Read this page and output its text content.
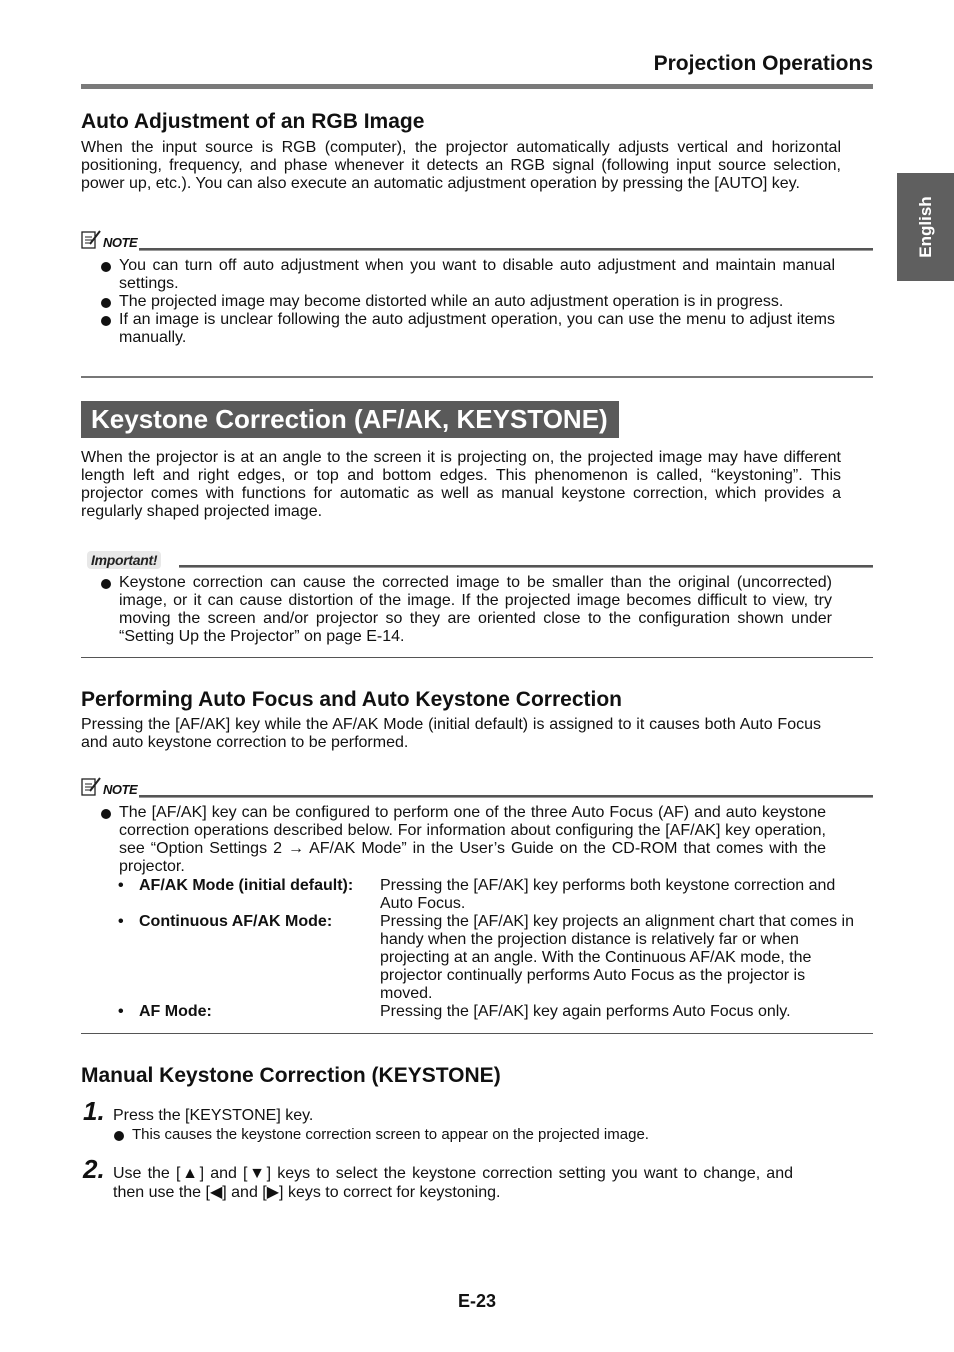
Projection Operations
English
Auto Adjustment of an RGB Image
When the input source is RGB (computer), the projector automatically adjusts vertical and horizontal positioning, frequency, and phase whenever it detects an RGB signal (following input source selection, power up, etc.). You can also execute an automatic adjustment operation by pressing the [AUTO] key.
NOTE
You can turn off auto adjustment when you want to disable auto adjustment and maintain manual settings.
The projected image may become distorted while an auto adjustment operation is in progress.
If an image is unclear following the auto adjustment operation, you can use the menu to adjust items manually.
Keystone Correction (AF/AK, KEYSTONE)
When the projector is at an angle to the screen it is projecting on, the projected image may have different length left and right edges, or top and bottom edges. This phenomenon is called, “keystoning”. This projector comes with functions for automatic as well as manual keystone correction, which provides a regularly shaped projected image.
Important!
Keystone correction can cause the corrected image to be smaller than the original (uncorrected) image, or it can cause distortion of the image. If the projected image becomes difficult to view, try moving the screen and/or projector so they are oriented close to the configuration shown under “Setting Up the Projector” on page E-14.
Performing Auto Focus and Auto Keystone Correction
Pressing the [AF/AK] key while the AF/AK Mode (initial default) is assigned to it causes both Auto Focus and auto keystone correction to be performed.
NOTE
The [AF/AK] key can be configured to perform one of the three Auto Focus (AF) and auto keystone correction operations described below. For information about configuring the [AF/AK] key operation, see “Option Settings 2 → AF/AK Mode” in the User’s Guide on the CD-ROM that comes with the projector.
• AF/AK Mode (initial default): Pressing the [AF/AK] key performs both keystone correction and Auto Focus.
• Continuous AF/AK Mode:	Pressing the [AF/AK] key projects an alignment chart that comes in handy when the projection distance is relatively far or when projecting at an angle. With the Continuous AF/AK mode, the projector continually performs Auto Focus as the projector is moved.
• AF Mode:	Pressing the [AF/AK] key again performs Auto Focus only.
Manual Keystone Correction (KEYSTONE)
1. Press the [KEYSTONE] key.
This causes the keystone correction screen to appear on the projected image.
2. Use the [▲] and [▼] keys to select the keystone correction setting you want to change, and then use the [◀] and [▶] keys to correct for keystoning.
E-23
